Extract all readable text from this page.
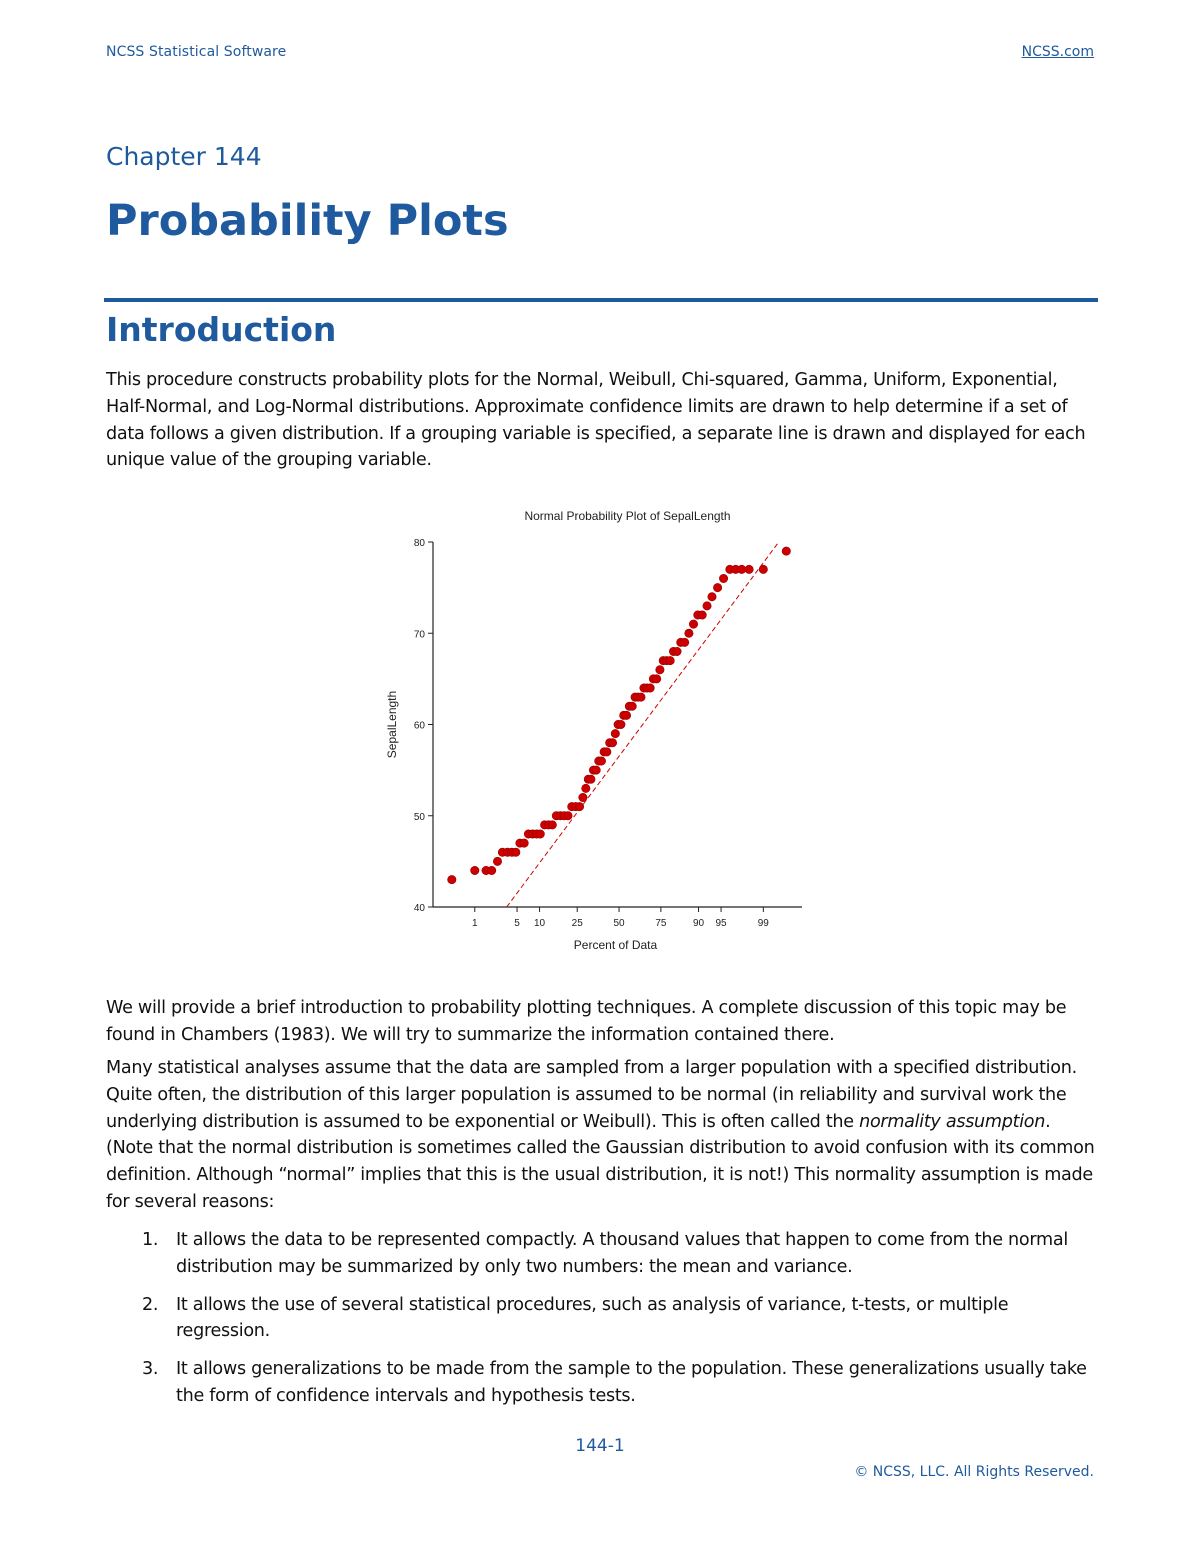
NCSS Statistical Software	NCSS.com
Chapter 144
Probability Plots
Introduction

This procedure constructs probability plots for the Normal, Weibull, Chi-squared, Gamma, Uniform, Exponential, Half-Normal, and Log-Normal distributions. Approximate confidence limits are drawn to help determine if a set of data follows a given distribution. If a grouping variable is specified, a separate line is drawn and displayed for each unique value of the grouping variable.

Normal Probability Plot of SepalLength
40
50
60
70
80
1	5 10	25	50	75	90 95	99
Percent of Data
SepalLength

We will provide a brief introduction to probability plotting techniques. A complete discussion of this topic may be found in Chambers (1983). We will try to summarize the information contained there.

Many statistical analyses assume that the data are sampled from a larger population with a specified distribution. Quite often, the distribution of this larger population is assumed to be normal (in reliability and survival work the underlying distribution is assumed to be exponential or Weibull). This is often called the normality assumption. (Note that the normal distribution is sometimes called the Gaussian distribution to avoid confusion with its common definition. Although “normal” implies that this is the usual distribution, it is not!) This normality assumption is made for several reasons:

1. It allows the data to be represented compactly. A thousand values that happen to come from the normal distribution may be summarized by only two numbers: the mean and variance.
2. It allows the use of several statistical procedures, such as analysis of variance, t-tests, or multiple regression.
3. It allows generalizations to be made from the sample to the population. These generalizations usually take the form of confidence intervals and hypothesis tests.
144-1
© NCSS, LLC. All Rights Reserved.
